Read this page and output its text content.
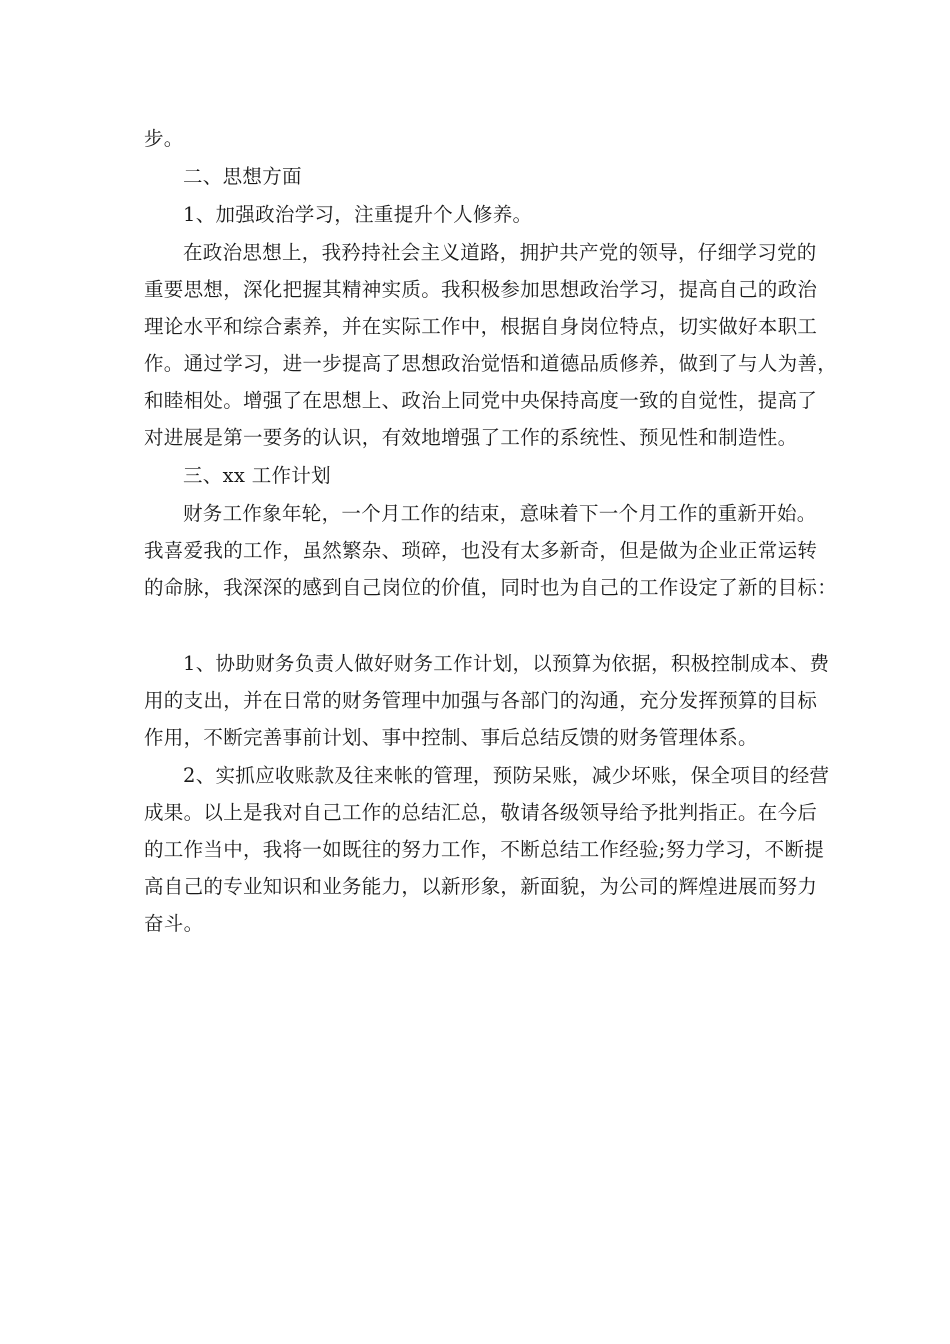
步。
二、思想方面
1、加强政治学习，注重提升个人修养。
在政治思想上，我矜持社会主义道路，拥护共产党的领导，仔细学习党的
重要思想，深化把握其精神实质。我积极参加思想政治学习，提高自己的政治
理论水平和综合素养，并在实际工作中，根据自身岗位特点，切实做好本职工
作。通过学习，进一步提高了思想政治觉悟和道德品质修养，做到了与人为善，
和睦相处。增强了在思想上、政治上同党中央保持高度一致的自觉性，提高了
对进展是第一要务的认识，有效地增强了工作的系统性、预见性和制造性。
三、xx 工作计划
财务工作象年轮，一个月工作的结束，意味着下一个月工作的重新开始。
我喜爱我的工作，虽然繁杂、琐碎，也没有太多新奇，但是做为企业正常运转
的命脉，我深深的感到自己岗位的价值，同时也为自己的工作设定了新的目标：
1、协助财务负责人做好财务工作计划，以预算为依据，积极控制成本、费
用的支出，并在日常的财务管理中加强与各部门的沟通，充分发挥预算的目标
作用，不断完善事前计划、事中控制、事后总结反馈的财务管理体系。
2、实抓应收账款及往来帐的管理，预防呆账，减少坏账，保全项目的经营
成果。以上是我对自己工作的总结汇总，敬请各级领导给予批判指正。在今后
的工作当中，我将一如既往的努力工作，不断总结工作经验;努力学习，不断提
高自己的专业知识和业务能力，以新形象，新面貌，为公司的辉煌进展而努力
奋斗。
